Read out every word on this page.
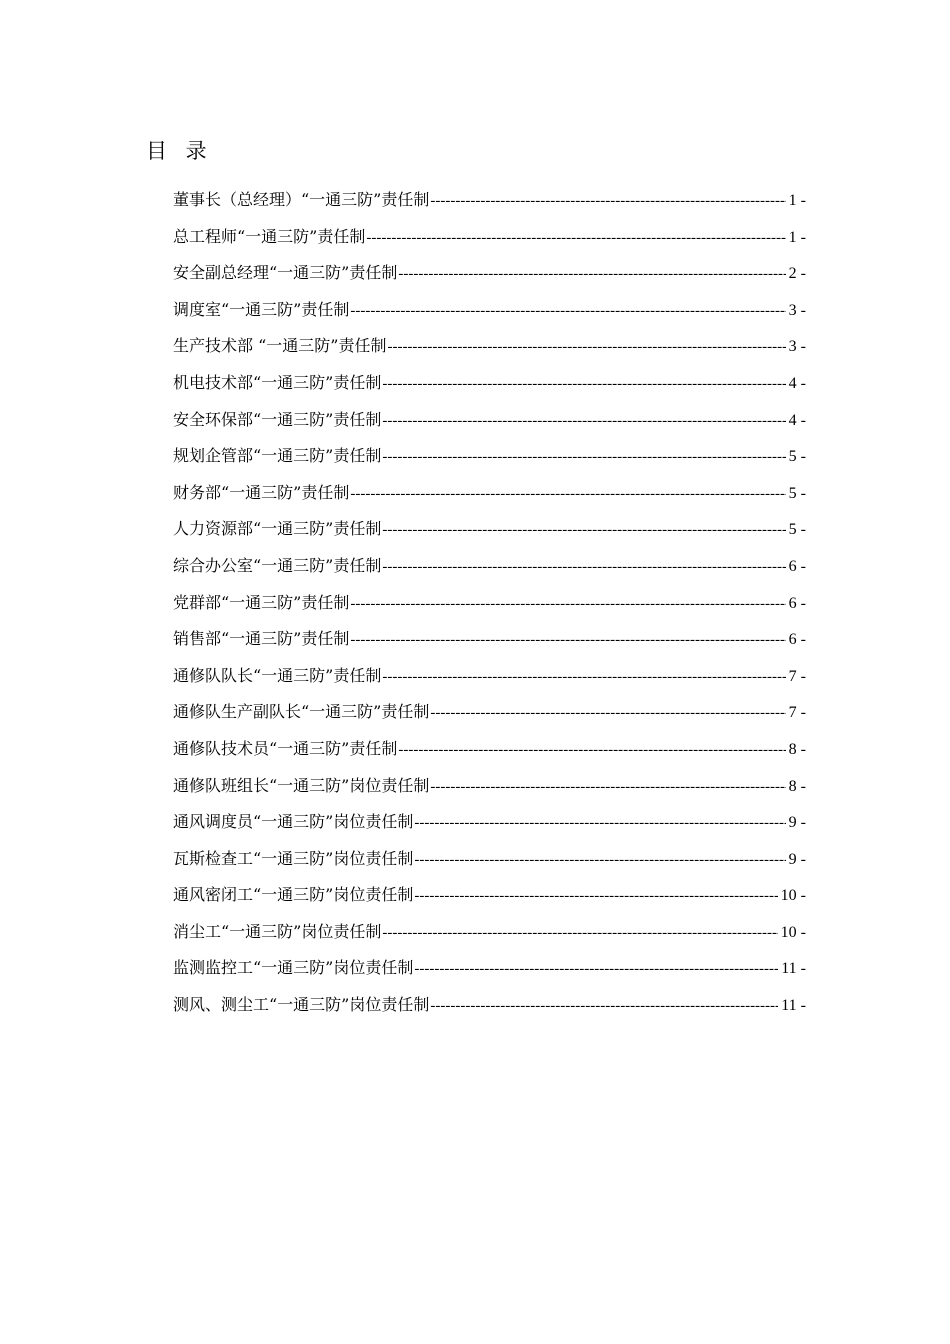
目 录
董事长（总经理）“一通三防”责任制 -----	1 -
总工程师“一通三防”责任制 -----	1 -
安全副总经理“一通三防”责任制 -----	2 -
调度室“一通三防”责任制 -----	3 -
生产技术部 “一通三防”责任制 -----	3 -
机电技术部“一通三防”责任制 -----	4 -
安全环保部“一通三防”责任制 -----	4 -
规划企管部“一通三防”责任制 -----	5 -
财务部“一通三防”责任制 -----	5 -
人力资源部“一通三防”责任制 -----	5 -
综合办公室“一通三防”责任制 -----	6 -
党群部“一通三防”责任制 -----	6 -
销售部“一通三防”责任制 -----	6 -
通修队队长“一通三防”责任制 -----	7 -
通修队生产副队长“一通三防”责任制 -----	7 -
通修队技术员“一通三防”责任制 -----	8 -
通修队班组长“一通三防”岗位责任制 -----	8 -
通风调度员“一通三防”岗位责任制 -----	9 -
瓦斯检查工“一通三防”岗位责任制 -----	9 -
通风密闭工“一通三防”岗位责任制 -----	10 -
消尘工“一通三防”岗位责任制 -----	10 -
监测监控工“一通三防”岗位责任制 -----	11 -
测风、测尘工“一通三防”岗位责任制 -----	11 -
